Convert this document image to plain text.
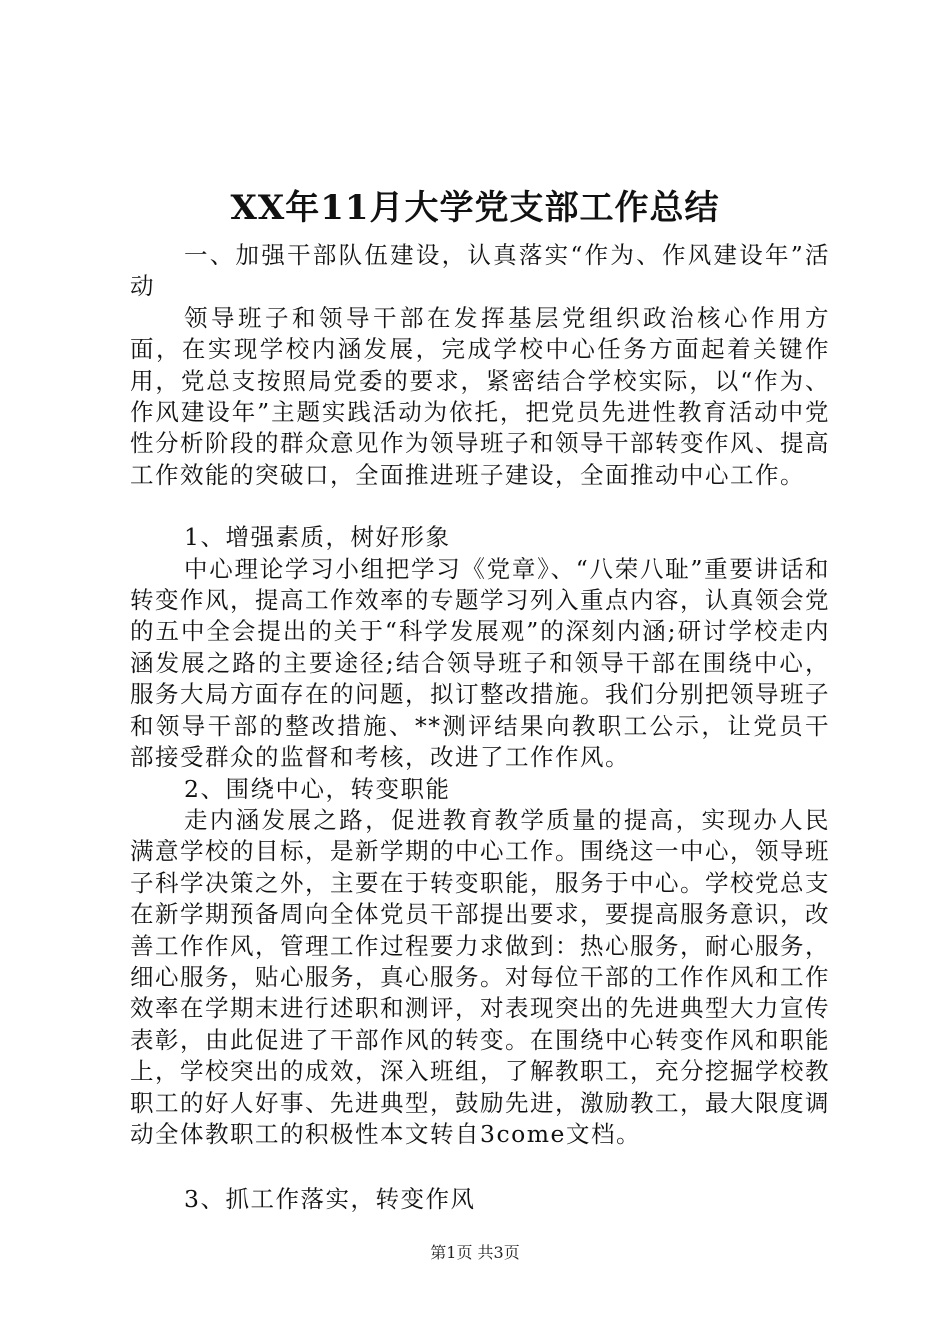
XX年11月大学党支部工作总结

一、加强干部队伍建设，认真落实“作为、作风建设年”活动

领导班子和领导干部在发挥基层党组织政治核心作用方面，在实现学校内涵发展，完成学校中心任务方面起着关键作用，党总支按照局党委的要求，紧密结合学校实际，以“作为、作风建设年”主题实践活动为依托，把党员先进性教育活动中党性分析阶段的群众意见作为领导班子和领导干部转变作风、提高工作效能的突破口，全面推进班子建设，全面推动中心工作。

1、增强素质，树好形象

中心理论学习小组把学习《党章》、“八荣八耻”重要讲话和转变作风，提高工作效率的专题学习列入重点内容，认真领会党的五中全会提出的关于“科学发展观”的深刻内涵;研讨学校走内涵发展之路的主要途径;结合领导班子和领导干部在围绕中心，服务大局方面存在的问题，拟订整改措施。我们分别把领导班子和领导干部的整改措施、**测评结果向教职工公示，让党员干部接受群众的监督和考核，改进了工作作风。

2、围绕中心，转变职能

走内涵发展之路，促进教育教学质量的提高，实现办人民满意学校的目标，是新学期的中心工作。围绕这一中心，领导班子科学决策之外，主要在于转变职能，服务于中心。学校党总支在新学期预备周向全体党员干部提出要求，要提高服务意识，改善工作作风，管理工作过程要力求做到：热心服务，耐心服务，细心服务，贴心服务，真心服务。对每位干部的工作作风和工作效率在学期末进行述职和测评，对表现突出的先进典型大力宣传表彰，由此促进了干部作风的转变。在围绕中心转变作风和职能上，学校突出的成效，深入班组，了解教职工，充分挖掘学校教职工的好人好事、先进典型，鼓励先进，激励教工，最大限度调动全体教职工的积极性本文转自3come文档。

3、抓工作落实，转变作风

第1页 共3页
